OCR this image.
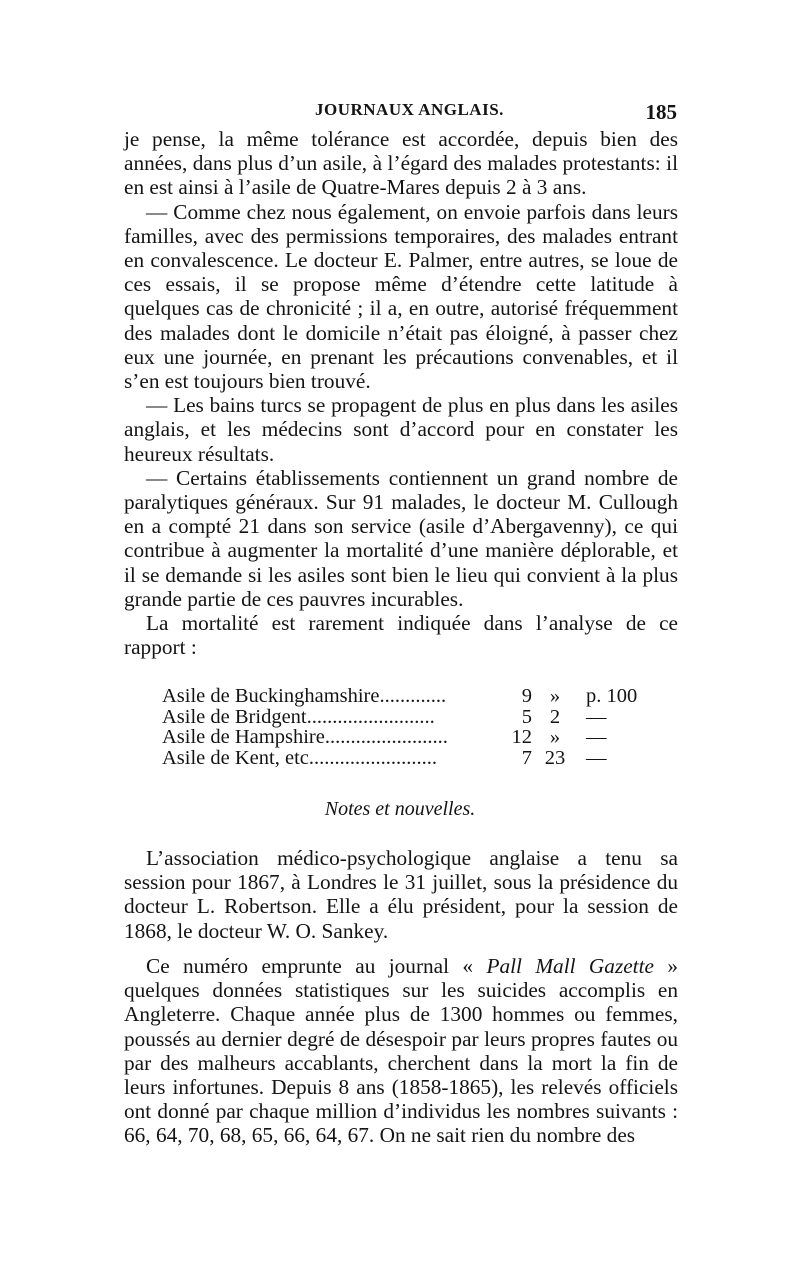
JOURNAUX ANGLAIS.	185

je pense, la même tolérance est accordée, depuis bien des années, dans plus d’un asile, à l’égard des malades protestants: il en est ainsi à l’asile de Quatre-Mares depuis 2 à 3 ans.

— Comme chez nous également, on envoie parfois dans leurs familles, avec des permissions temporaires, des malades entrant en convalescence. Le docteur E. Palmer, entre autres, se loue de ces essais, il se propose même d’étendre cette latitude à quelques cas de chronicité ; il a, en outre, autorisé fréquemment des malades dont le domicile n’était pas éloigné, à passer chez eux une journée, en prenant les précautions convenables, et il s’en est toujours bien trouvé.

— Les bains turcs se propagent de plus en plus dans les asiles anglais, et les médecins sont d’accord pour en constater les heureux résultats.

— Certains établissements contiennent un grand nombre de paralytiques généraux. Sur 91 malades, le docteur M. Cullough en a compté 21 dans son service (asile d’Abergavenny), ce qui contribue à augmenter la mortalité d’une manière déplorable, et il se demande si les asiles sont bien le lieu qui convient à la plus grande partie de ces pauvres incurables.

La mortalité est rarement indiquée dans l’analyse de ce rapport :

Asile de Buckinghamshire.............	9 »	p. 100
Asile de Bridgent.........................	5 2	—
Asile de Hampshire........................	12 »	—
Asile de Kent, etc.........................	7 23 —
Notes et nouvelles.

L’association médico-psychologique anglaise a tenu sa session pour 1867, à Londres le 31 juillet, sous la présidence du docteur L. Robertson. Elle a élu président, pour la session de 1868, le docteur W. O. Sankey.

Ce numéro emprunte au journal « Pall Mall Gazette » quelques données statistiques sur les suicides accomplis en Angleterre. Chaque année plus de 1300 hommes ou femmes, poussés au dernier degré de désespoir par leurs propres fautes ou par des malheurs accablants, cherchent dans la mort la fin de leurs infortunes. Depuis 8 ans (1858-1865), les relevés officiels ont donné par chaque million d’individus les nombres suivants : 66, 64, 70, 68, 65, 66, 64, 67. On ne sait rien du nombre des
